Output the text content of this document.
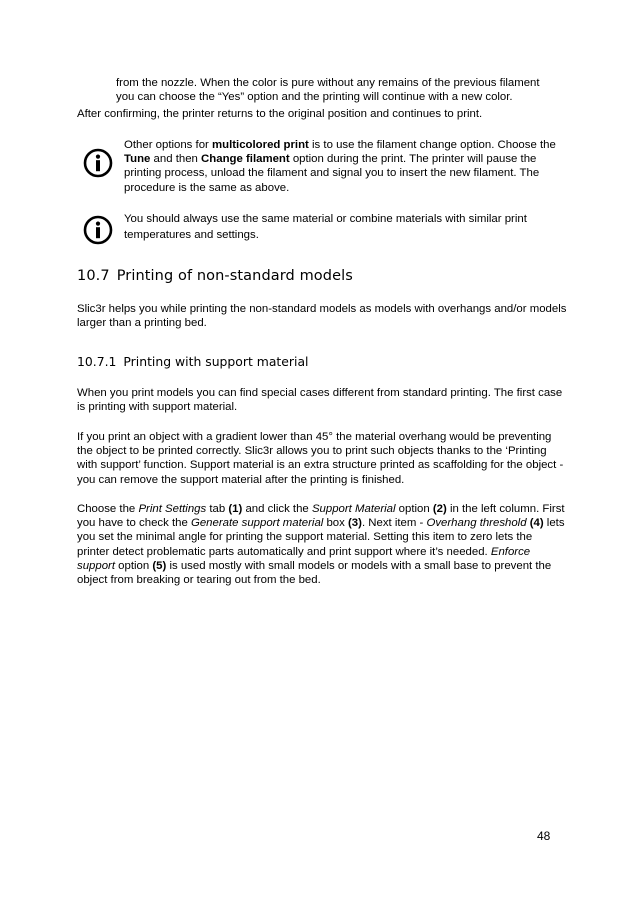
from the nozzle. When the color is pure without any remains of the previous filament
you can choose the “Yes” option and the printing will continue with a new color.
After confirming, the printer returns to the original position and continues to print.

Other options for multicolored print is to use the filament change option. Choose the Tune and then Change filament option during the print. The printer will pause the printing process, unload the filament and signal you to insert the new filament. The procedure is the same as above.

You should always use the same material or combine materials with similar print temperatures and settings.

10.7 Printing of non-standard models

Slic3r helps you while printing the non-standard models as models with overhangs and/or models larger than a printing bed.

10.7.1 Printing with support material

When you print models you can find special cases different from standard printing. The first case is printing with support material.

If you print an object with a gradient lower than 45° the material overhang would be preventing the object to be printed correctly. Slic3r allows you to print such objects thanks to the ‘Printing with support’ function. Support material is an extra structure printed as scaffolding for the object - you can remove the support material after the printing is finished.

Choose the Print Settings tab (1) and click the Support Material option (2) in the left column. First you have to check the Generate support material box (3). Next item - Overhang threshold (4) lets you set the minimal angle for printing the support material. Setting this item to zero lets the printer detect problematic parts automatically and print support where it’s needed. Enforce support option (5) is used mostly with small models or models with a small base to prevent the object from breaking or tearing out from the bed.

48
